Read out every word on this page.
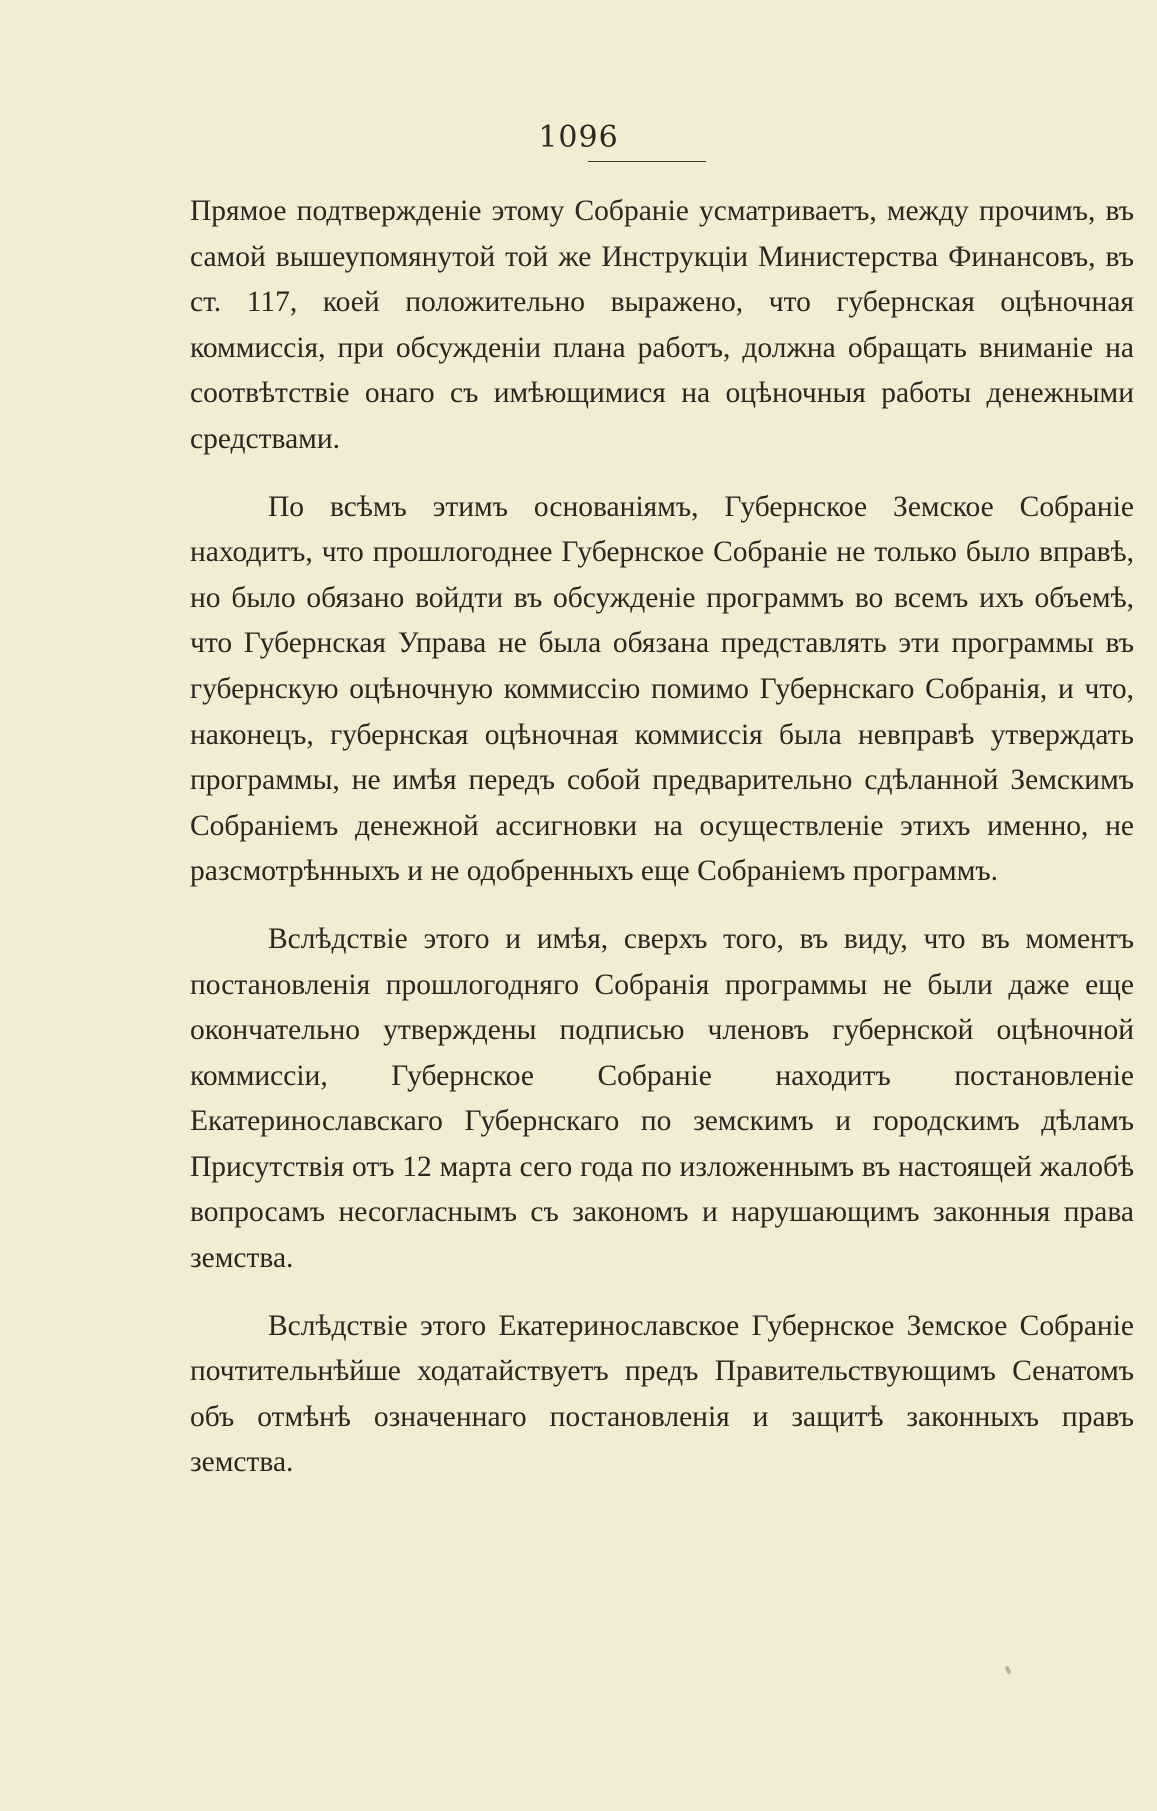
1096

Прямое подтвержденіе этому Собраніе усматриваетъ, между прочимъ, въ самой вышеупомянутой той же Инструкціи Министерства Финансовъ, въ ст. 117, коей положительно выражено, что губернская оцѣночная коммиссія, при обсужденіи плана работъ, должна обращать вниманіе на соотвѣтствіе онаго съ имѣющимися на оцѣночныя работы денежными средствами.

По всѣмъ этимъ основаніямъ, Губернское Земское Собраніе находитъ, что прошлогоднее Губернское Собраніе не только было вправѣ, но было обязано войдти въ обсужденіе программъ во всемъ ихъ объемѣ, что Губернская Управа не была обязана представлять эти программы въ губернскую оцѣночную коммиссію помимо Губернскаго Собранія, и что, наконецъ, губернская оцѣночная коммиссія была невправѣ утверждать программы, не имѣя передъ собой предварительно сдѣланной Земскимъ Собраніемъ денежной ассигновки на осуществленіе этихъ именно, не разсмотрѣнныхъ и не одобренныхъ еще Собраніемъ программъ.

Вслѣдствіе этого и имѣя, сверхъ того, въ виду, что въ моментъ постановленія прошлогодняго Собранія программы не были даже еще окончательно утверждены подписью членовъ губернской оцѣночной коммиссіи, Губернское Собраніе находитъ постановленіе Екатеринославскаго Губернскаго по земскимъ и городскимъ дѣламъ Присутствія отъ 12 марта сего года по изложеннымъ въ настоящей жалобѣ вопросамъ несогласнымъ съ закономъ и нарушающимъ законныя права земства.

Вслѣдствіе этого Екатеринославское Губернское Земское Собраніе почтительнѣйше ходатайствуетъ предъ Правительствующимъ Сенатомъ объ отмѣнѣ означеннаго постановленія и защитѣ законныхъ правъ земства.
